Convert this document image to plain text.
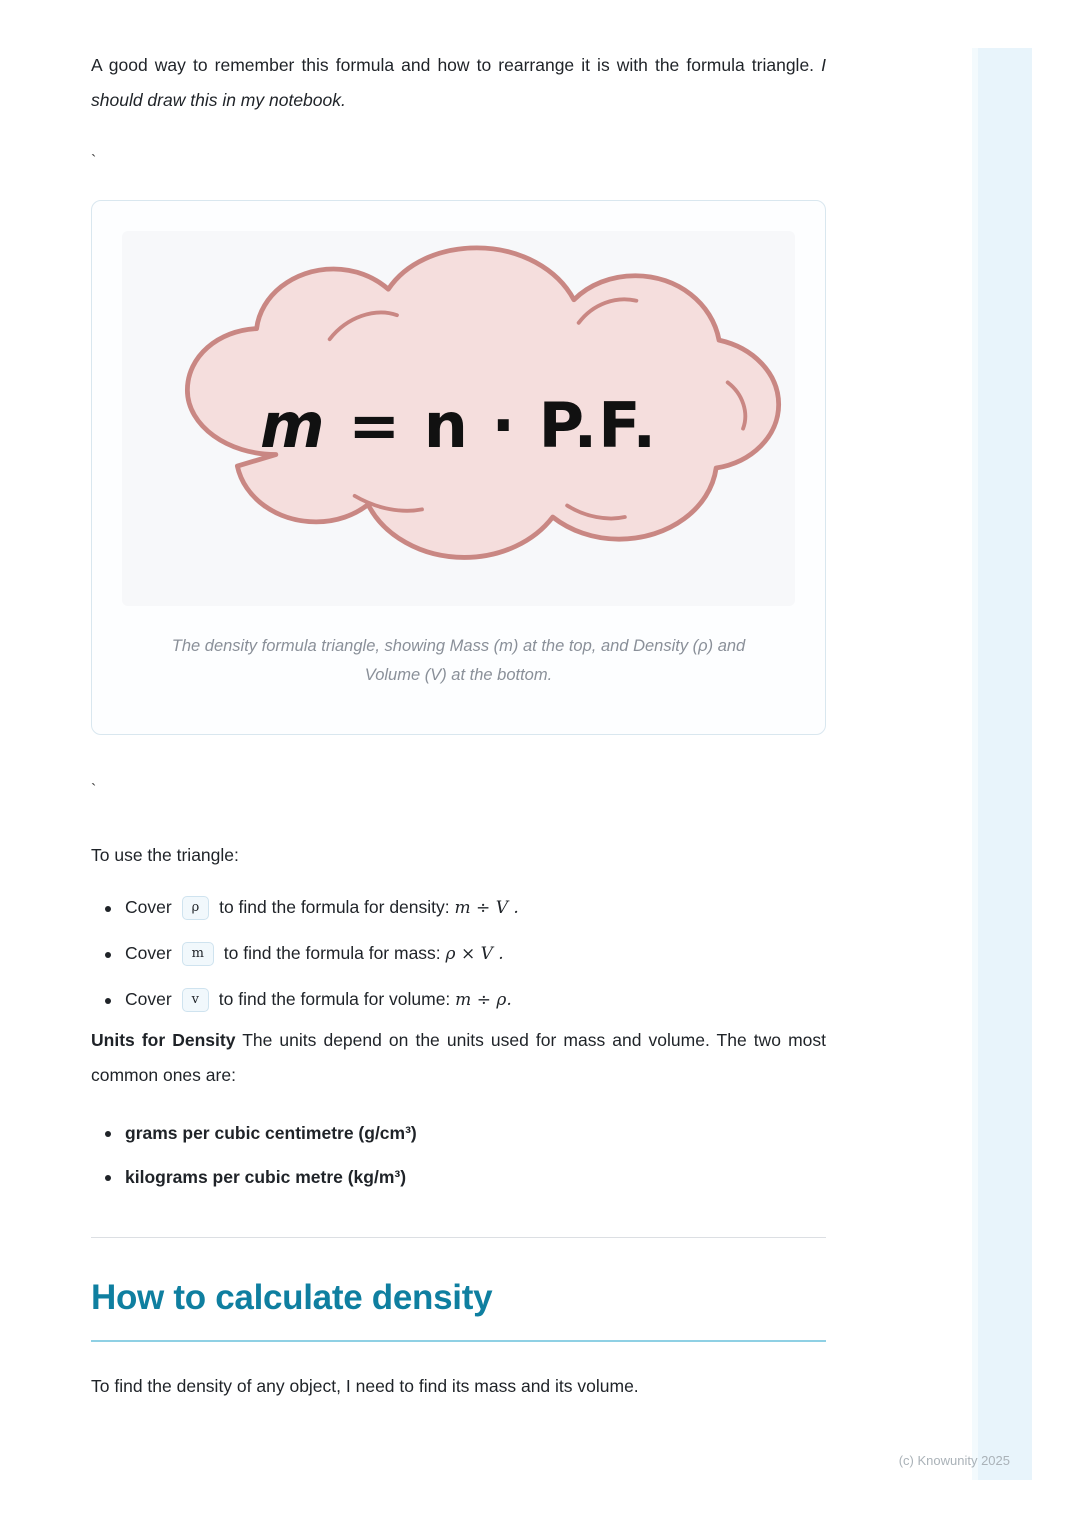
A good way to remember this formula and how to rearrange it is with the formula triangle. I should draw this in my notebook.

`

m = n · P.F.
The density formula triangle, showing Mass (m) at the top, and Density (ρ) and Volume (V) at the bottom.

`

To use the triangle:

Cover ρ to find the formula for density: m ÷ V .
Cover m to find the formula for mass: ρ × V .
Cover v to find the formula for volume: m ÷ ρ.

Units for Density The units depend on the units used for mass and volume. The two most common ones are:

grams per cubic centimetre (g/cm³)
kilograms per cubic metre (kg/m³)
How to calculate density

To find the density of any object, I need to find its mass and its volume.

(c) Knowunity 2025
